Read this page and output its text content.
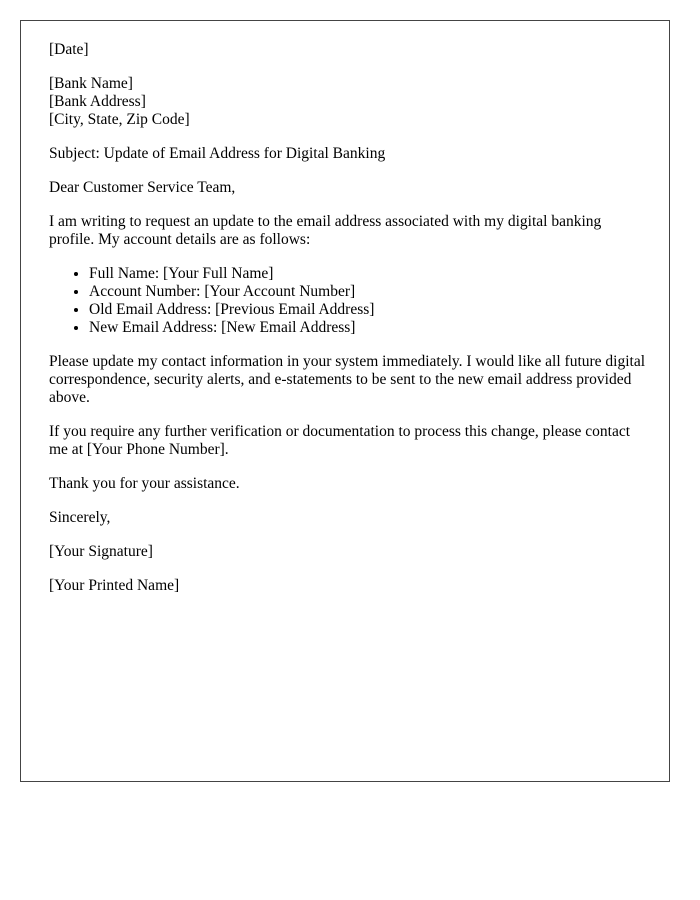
[Date]

[Bank Name]
[Bank Address]
[City, State, Zip Code]

Subject: Update of Email Address for Digital Banking

Dear Customer Service Team,

I am writing to request an update to the email address associated with my digital banking profile. My account details are as follows:

• Full Name: [Your Full Name]
• Account Number: [Your Account Number]
• Old Email Address: [Previous Email Address]
• New Email Address: [New Email Address]

Please update my contact information in your system immediately. I would like all future digital correspondence, security alerts, and e-statements to be sent to the new email address provided above.

If you require any further verification or documentation to process this change, please contact me at [Your Phone Number].

Thank you for your assistance.

Sincerely,

[Your Signature]

[Your Printed Name]
